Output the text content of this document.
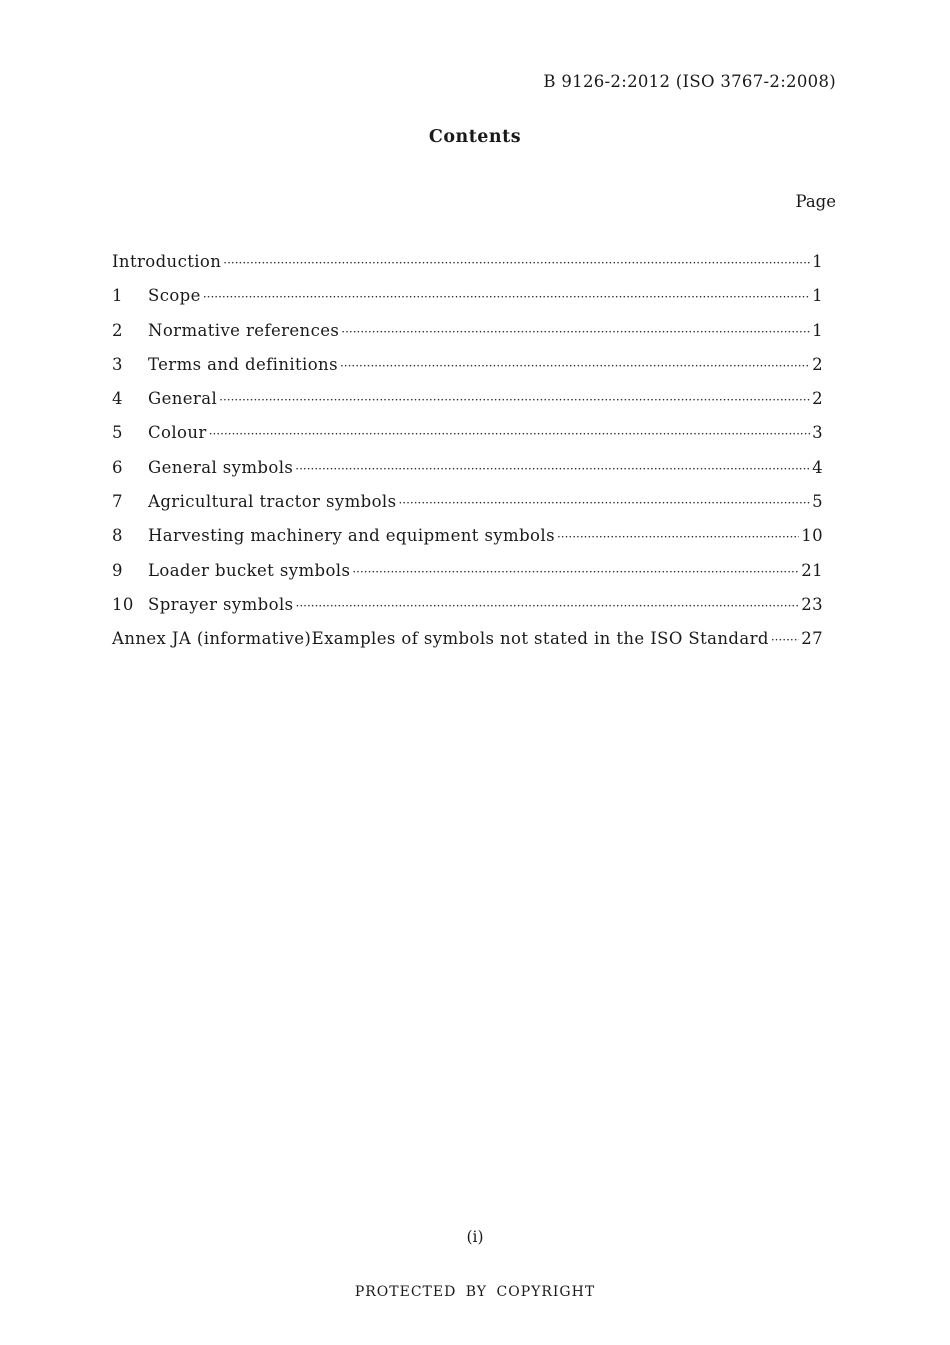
B 9126-2:2012 (ISO 3767-2:2008)
Contents
Page
Introduction ·····	1
1	Scope ·····	1
2	Normative references ·····	1
3	Terms and definitions ·····	2
4	General ·····	2
5	Colour ·····	3
6	General symbols ·····	4
7	Agricultural tractor symbols ·····	5
8	Harvesting machinery and equipment symbols ·····	10
9	Loader bucket symbols ·····	21
10 Sprayer symbols ·····	23
Annex JA (informative) Examples of symbols not stated in the ISO Standard ····· 27
(i)
PROTECTED BY COPYRIGHT
